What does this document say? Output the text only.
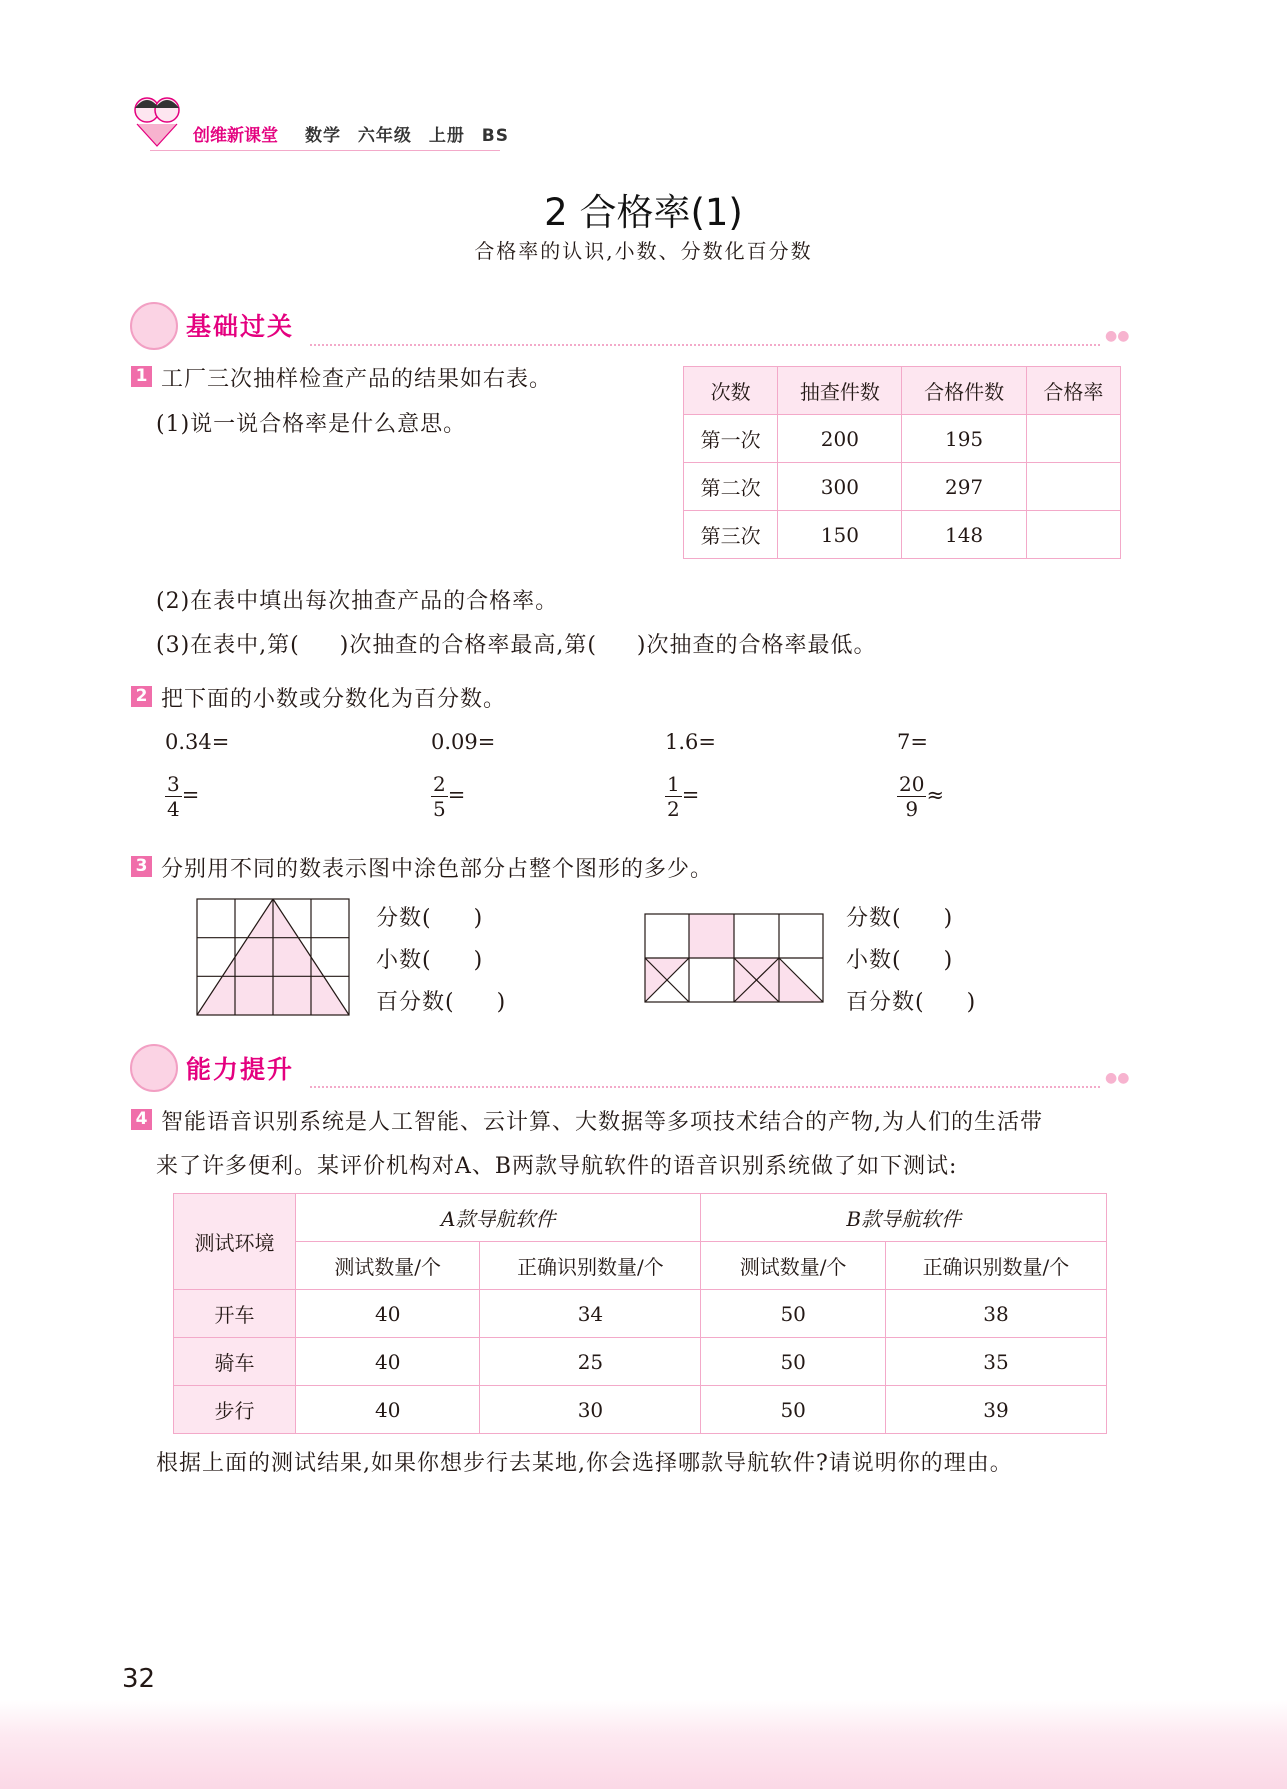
创维新课堂 数学 六年级 上册 BS
2 合格率(1)
合格率的认识,小数、分数化百分数
基础过关	●●
1 工厂三次抽样检查产品的结果如右表。
(1)说一说合格率是什么意思。
次数	抽查件数	合格件数	合格率
第一次	200	195	
第二次	300	297	
第三次	150	148	
(2)在表中填出每次抽查产品的合格率。
(3)在表中,第( )次抽查的合格率最高,第( )次抽查的合格率最低。
2 把下面的小数或分数化为百分数。
0.34=	0.09=	1.6=	7=
$\frac{3}{4}$ =	$\frac{2}{5}$ =	$\frac{1}{2}$ =	$\frac{20}{9}$ ≈
3 分别用不同的数表示图中涂色部分占整个图形的多少。
分数( )
小数( )
百分数( )
分数( )
小数( )
百分数( )
能力提升	●●
4 智能语音识别系统是人工智能、云计算、大数据等多项技术结合的产物,为人们的生活带
来了许多便利。某评价机构对A、B两款导航软件的语音识别系统做了如下测试:
测试环境	A款导航软件		B款导航软件	
	测试数量/个	正确识别数量/个	测试数量/个	正确识别数量/个
开车	40	34	50	38
骑车	40	25	50	35
步行	40	30	50	39
根据上面的测试结果,如果你想步行去某地,你会选择哪款导航软件?请说明你的理由。
32
